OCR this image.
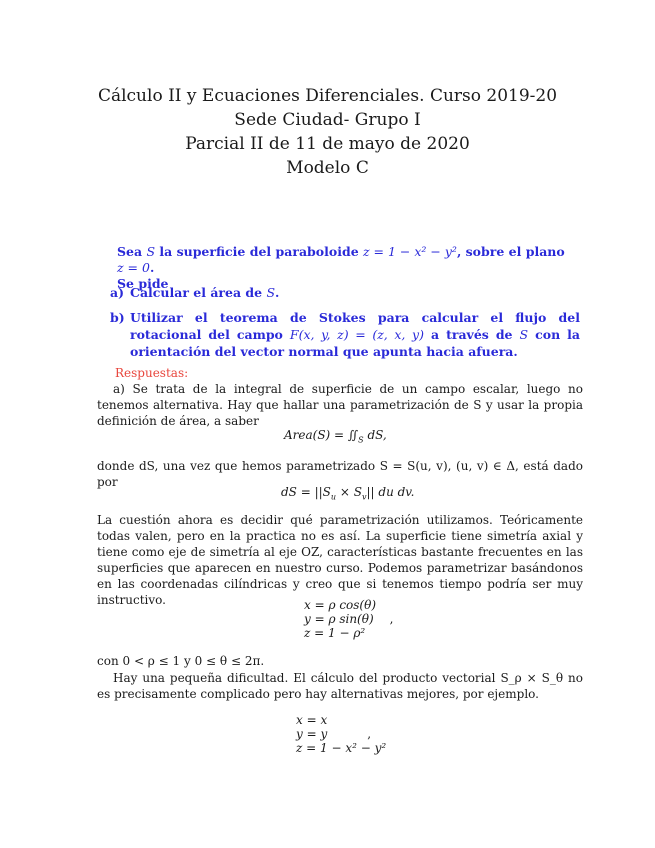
Cálculo II y Ecuaciones Diferenciales. Curso 2019-20
Sede Ciudad- Grupo I
Parcial II de 11 de mayo de 2020
Modelo C
Sea S la superficie del paraboloide z = 1 − x² − y², sobre el plano z = 0.
Se pide
a) Calcular el área de S.
b) Utilizar el teorema de Stokes para calcular el flujo del rotacional del campo F(x, y, z) = (z, x, y) a través de S con la orientación del vector normal que apunta hacia afuera.
Respuestas:
a) Se trata de la integral de superficie de un campo escalar, luego no tenemos alternativa. Hay que hallar una parametrización de S y usar la propia definición de área, a saber
Area(S) = $∬_S$ dS,
donde dS, una vez que hemos parametrizado S = S(u, v), (u, v) ∈ Δ, está dado por
dS = $||S_u \times S_v||$ du dv.
La cuestión ahora es decidir qué parametrización utilizamos. Teóricamente todas valen, pero en la practica no es así. La superficie tiene simetría axial y tiene como eje de simetría al eje OZ, características bastante frecuentes en las superficies que aparecen en nuestro curso. Podemos parametrizar basándonos en las coordenadas cilíndricas y creo que si tenemos tiempo podría ser muy instructivo.	x = ρ cos(θ)
y = ρ sin(θ) ,
z = 1 − ρ²
con 0 < ρ ≤ 1 y 0 ≤ θ ≤ 2π.
Hay una pequeña dificultad. El cálculo del producto vectorial S_ρ × S_θ no es precisamente complicado pero hay alternativas mejores, por ejemplo.
x = x
y = y	,
z = 1 − x² − y²
